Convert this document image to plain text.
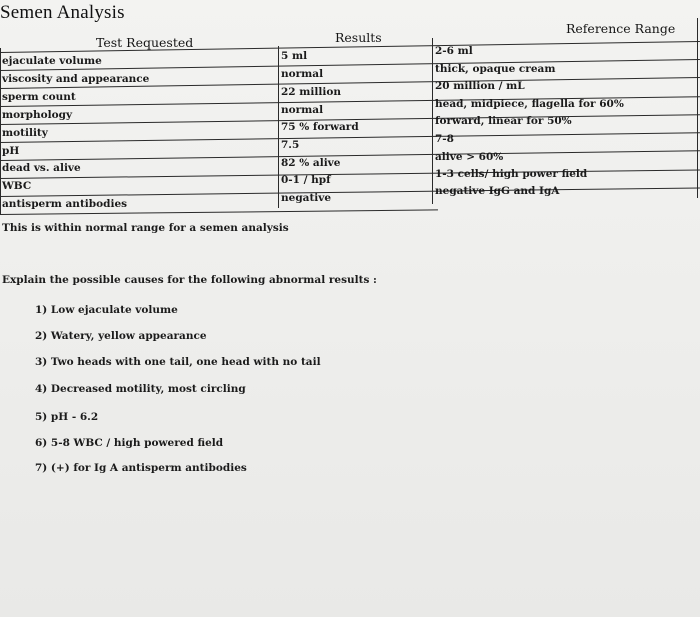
Semen Analysis
Test Requested	Results
Reference Range
ejaculate volume
viscosity and appearance
sperm count
morphology
motility
pH
dead vs. alive
WBC
antisperm antibodies
5 ml
normal
22 million
normal
75 % forward
7.5
82 % alive
0-1 / hpf
negative
2-6 ml
thick, opaque cream
20 million / mL
head, midpiece, flagella for 60%
forward, linear for 50%
7-8
alive > 60%
1-3 cells/ high power field
negative IgG and IgA
This is within normal range for a semen analysis
Explain the possible causes for the following abnormal results :
1) Low ejaculate volume
2) Watery, yellow appearance
3) Two heads with one tail, one head with no tail
4) Decreased motility, most circling
5) pH - 6.2
6) 5-8 WBC / high powered field
7) (+) for Ig A antisperm antibodies
